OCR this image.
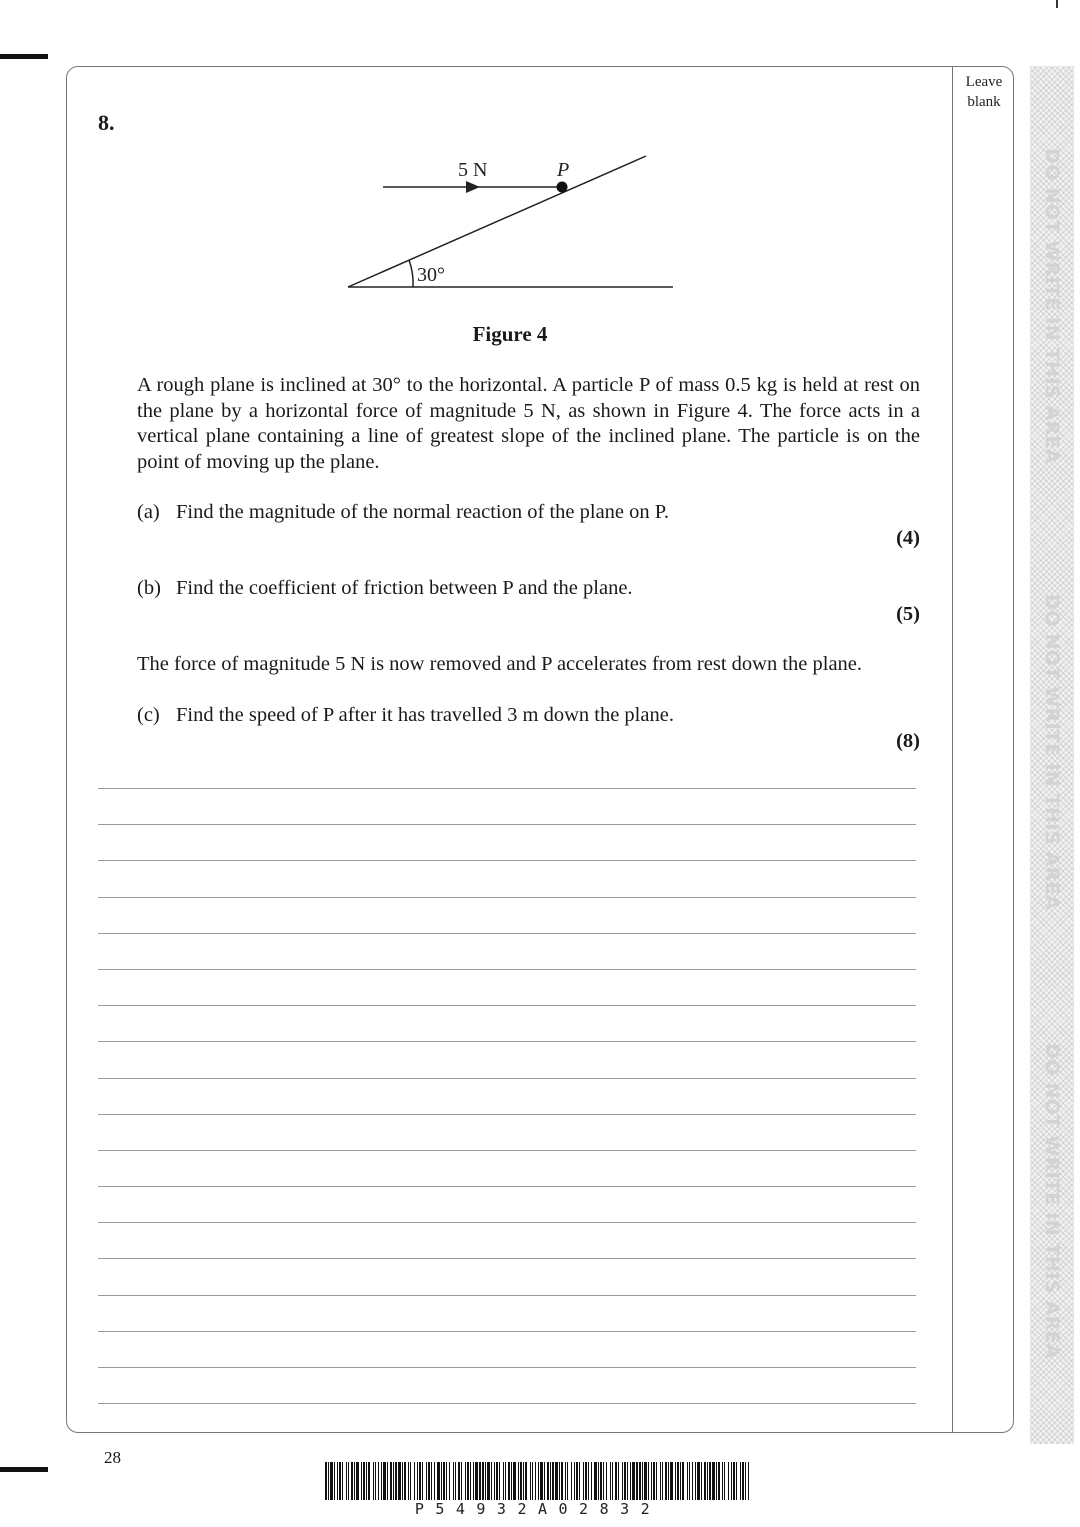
Leave
blank
DO NOT WRITE IN THIS AREA
DO NOT WRITE IN THIS AREA
DO NOT WRITE IN THIS AREA
8.
5 N	P
30°
Figure 4

A rough plane is inclined at 30° to the horizontal. A particle P of mass 0.5 kg is held at rest on the plane by a horizontal force of magnitude 5 N, as shown in Figure 4. The force acts in a vertical plane containing a line of greatest slope of the inclined plane. The particle is on the point of moving up the plane.

(a) Find the magnitude of the normal reaction of the plane on P.
(4)
(b) Find the coefficient of friction between P and the plane.
(5)
The force of magnitude 5 N is now removed and P accelerates from rest down the plane.
(c) Find the speed of P after it has travelled 3 m down the plane.
(8)
28
P54932A02832
